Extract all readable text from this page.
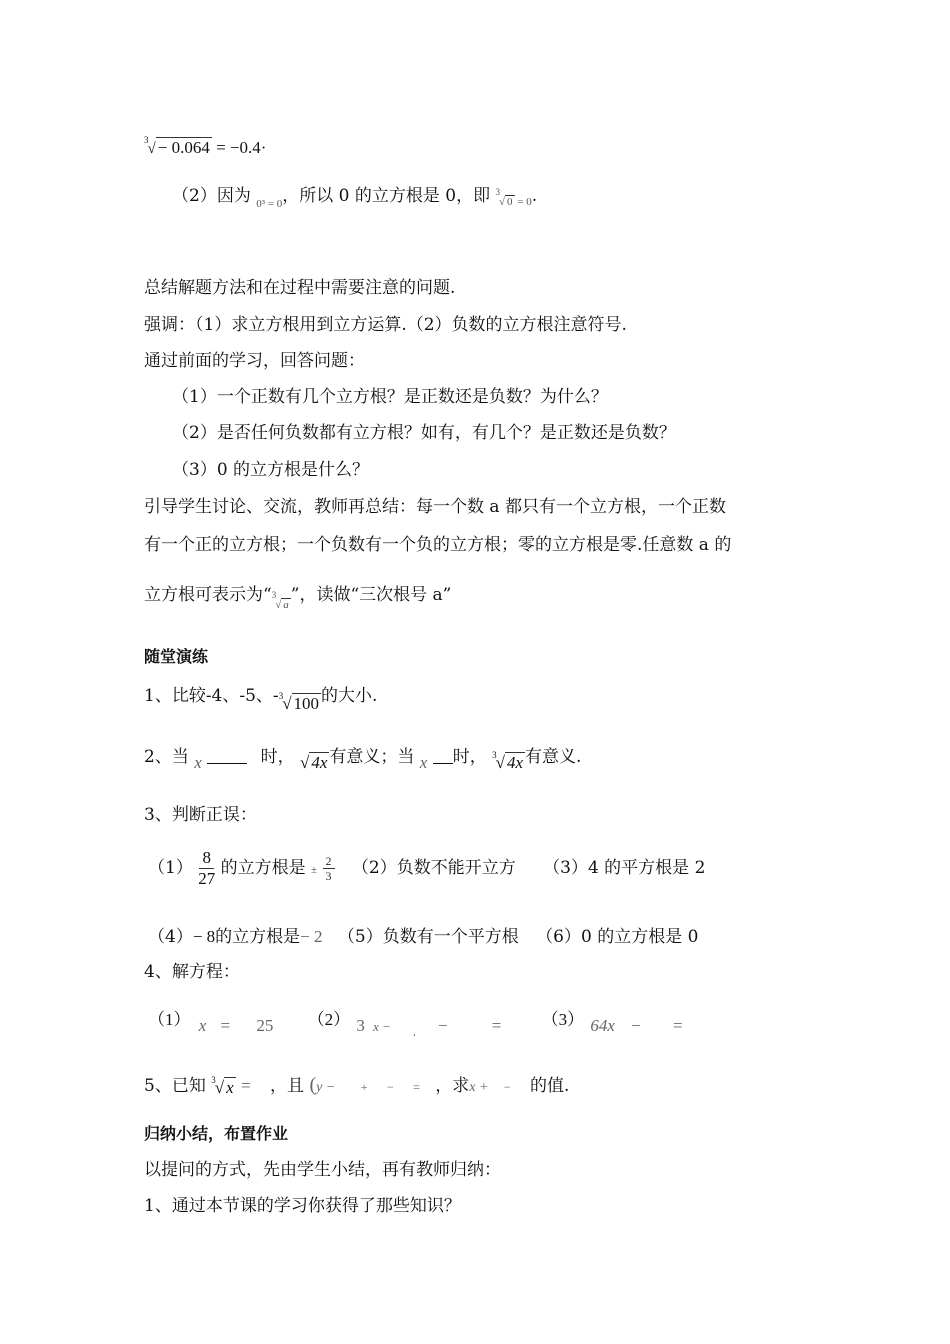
$^3$√ − 0.064 = −0.4·
（2）因为 $_{0^3 = 0}$，所以 0 的立方根是 0，即 $_{^3√ 0 = 0}$.
总结解题方法和在过程中需要注意的问题.
强调：（1）求立方根用到立方运算.（2）负数的立方根注意符号.
通过前面的学习，回答问题：
（1）一个正数有几个立方根？是正数还是负数？为什么？
（2）是否任何负数都有立方根？如有，有几个？是正数还是负数？
（3）0 的立方根是什么？
引导学生讨论、交流，教师再总结：每一个数 a 都只有一个立方根，一个正数
有一个正的立方根；一个负数有一个负的立方根；零的立方根是零.任意数 a 的
立方根可表示为“$_{^3√ a}$ ”，读做“三次根号 a”
随堂演练
1、比较-4、-5、-$^3$√ 100 的大小.
2、当 x	时， √ 4x 有意义；当 x 时， $^3$√ 4x 有意义.
3、判断正误：
$(1) \frac{8}{27}$ 的立方根是 ± $\frac{2}{3} (2)$负数不能开立方 （3）4 的平方根是 2
（4）− 8的立方根是− 2 （5）负数有一个平方根 （6）0 的立方根是 0
4、解方程：
（1） x = 25 （2） 3 $_{x -}$ $_,$ −	= （3） 64x − =
5、已知 $^3$√ x = ，且 (y − + − = ，求x + − 的值.
归纳小结，布置作业
以提问的方式，先由学生小结，再有教师归纳：
1、通过本节课的学习你获得了那些知识？
